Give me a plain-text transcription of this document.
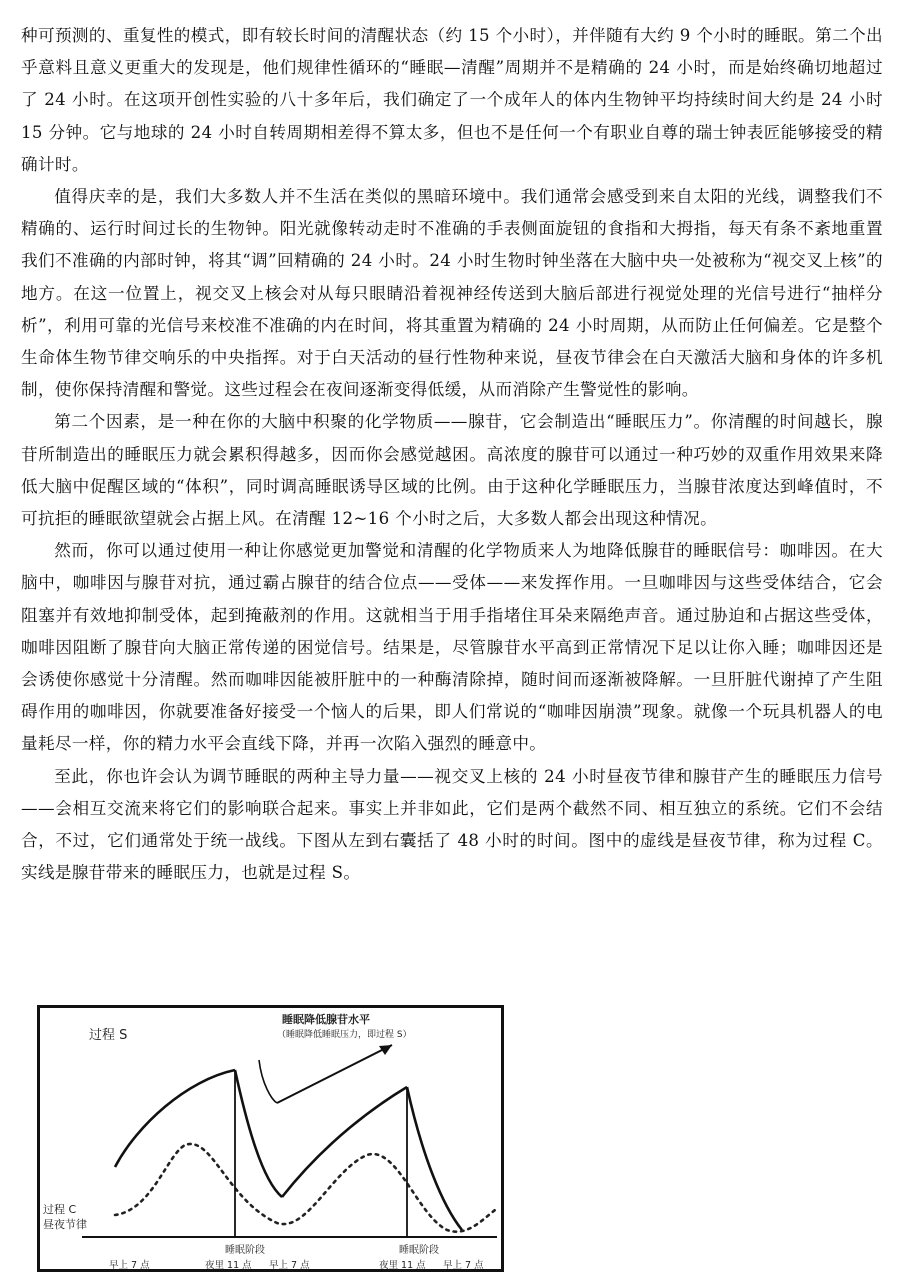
种可预测的、重复性的模式，即有较长时间的清醒状态（约 15 个小时），并伴随有大约 9 个小时的睡眠。第二个出乎意料且意义更重大的发现是，他们规律性循环的“睡眠—清醒”周期并不是精确的 24 小时，而是始终确切地超过了 24 小时。在这项开创性实验的八十多年后，我们确定了一个成年人的体内生物钟平均持续时间大约是 24 小时 15 分钟。它与地球的 24 小时自转周期相差得不算太多，但也不是任何一个有职业自尊的瑞士钟表匠能够接受的精确计时。

值得庆幸的是，我们大多数人并不生活在类似的黑暗环境中。我们通常会感受到来自太阳的光线，调整我们不精确的、运行时间过长的生物钟。阳光就像转动走时不准确的手表侧面旋钮的食指和大拇指，每天有条不紊地重置我们不准确的内部时钟，将其“调”回精确的 24 小时。24 小时生物时钟坐落在大脑中央一处被称为“视交叉上核”的地方。在这一位置上，视交叉上核会对从每只眼睛沿着视神经传送到大脑后部进行视觉处理的光信号进行“抽样分析”，利用可靠的光信号来校准不准确的内在时间，将其重置为精确的 24 小时周期，从而防止任何偏差。它是整个生命体生物节律交响乐的中央指挥。对于白天活动的昼行性物种来说，昼夜节律会在白天激活大脑和身体的许多机制，使你保持清醒和警觉。这些过程会在夜间逐渐变得低缓，从而消除产生警觉性的影响。

第二个因素，是一种在你的大脑中积聚的化学物质——腺苷，它会制造出“睡眠压力”。你清醒的时间越长，腺苷所制造出的睡眠压力就会累积得越多，因而你会感觉越困。高浓度的腺苷可以通过一种巧妙的双重作用效果来降低大脑中促醒区域的“体积”，同时调高睡眠诱导区域的比例。由于这种化学睡眠压力，当腺苷浓度达到峰值时，不可抗拒的睡眠欲望就会占据上风。在清醒 12~16 个小时之后，大多数人都会出现这种情况。

然而，你可以通过使用一种让你感觉更加警觉和清醒的化学物质来人为地降低腺苷的睡眠信号：咖啡因。在大脑中，咖啡因与腺苷对抗，通过霸占腺苷的结合位点——受体——来发挥作用。一旦咖啡因与这些受体结合，它会阻塞并有效地抑制受体，起到掩蔽剂的作用。这就相当于用手指堵住耳朵来隔绝声音。通过胁迫和占据这些受体，咖啡因阻断了腺苷向大脑正常传递的困觉信号。结果是，尽管腺苷水平高到正常情况下足以让你入睡；咖啡因还是会诱使你感觉十分清醒。然而咖啡因能被肝脏中的一种酶清除掉，随时间而逐渐被降解。一旦肝脏代谢掉了产生阻碍作用的咖啡因，你就要准备好接受一个恼人的后果，即人们常说的“咖啡因崩溃”现象。就像一个玩具机器人的电量耗尽一样，你的精力水平会直线下降，并再一次陷入强烈的睡意中。

至此，你也许会认为调节睡眠的两种主导力量——视交叉上核的 24 小时昼夜节律和腺苷产生的睡眠压力信号——会相互交流来将它们的影响联合起来。事实上并非如此，它们是两个截然不同、相互独立的系统。它们不会结合，不过，它们通常处于统一战线。下图从左到右囊括了 48 小时的时间。图中的虚线是昼夜节律，称为过程 C。实线是腺苷带来的睡眠压力，也就是过程 S。

过程 S
睡眠降低腺苷水平
（睡眠降低睡眠压力，即过程 S）
过程 C
昼夜节律
睡眠阶段	睡眠阶段
早上 7 点	夜里 11 点 早上 7 点	夜里 11 点 早上 7 点
